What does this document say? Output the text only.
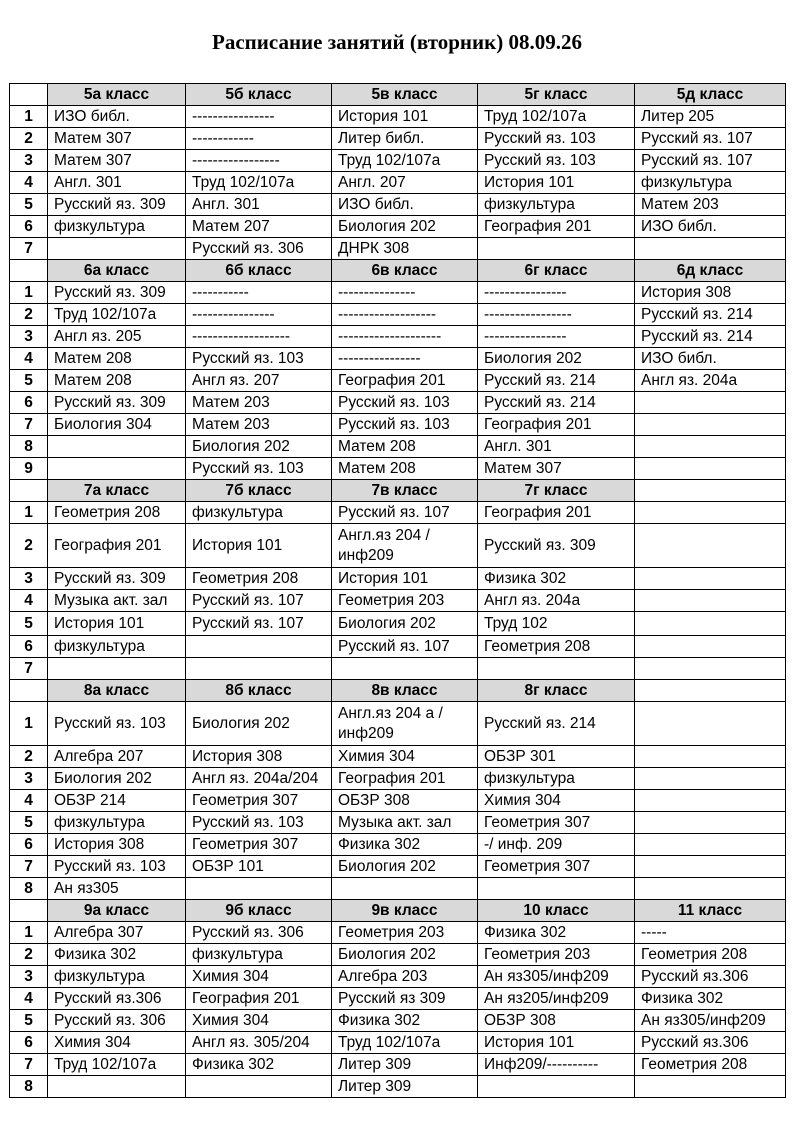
Расписание занятий (вторник) 08.09.26
	5а класс	5б класс	5в класс	5г класс	5д класс
1	ИЗО библ.	----------------	История 101	Труд 102/107а	Литер 205
2	Матем 307	------------	Литер библ.	Русский яз. 103	Русский яз. 107
3	Матем 307	-----------------	Труд 102/107а	Русский яз. 103	Русский яз. 107
4	Англ. 301	Труд 102/107а	Англ. 207	История 101	физкультура
5	Русский яз. 309	Англ. 301	ИЗО библ.	физкультура	Матем 203
6	физкультура	Матем 207	Биология 202	География 201	ИЗО библ.
7		Русский яз. 306	ДНРК 308		
	6а класс	6б класс	6в класс	6г класс	6д класс
1	Русский яз. 309	-----------	---------------	----------------	История 308
2	Труд 102/107а	----------------	-------------------	-----------------	Русский яз. 214
3	Англ яз. 205	-------------------	--------------------	----------------	Русский яз. 214
4	Матем 208	Русский яз. 103	----------------	Биология 202	ИЗО библ.
5	Матем 208	Англ яз. 207	География 201	Русский яз. 214	Англ яз. 204а
6	Русский яз. 309	Матем 203	Русский яз. 103	Русский яз. 214	
7	Биология 304	Матем 203	Русский яз. 103	География 201	
8		Биология 202	Матем 208	Англ. 301	
9		Русский яз. 103	Матем 208	Матем 307	
	7а класс	7б класс	7в класс	7г класс	
1	Геометрия 208	физкультура	Русский яз. 107	География 201	
2	География 201	История 101	Англ.яз 204 /инф209	Русский яз. 309	
3	Русский яз. 309	Геометрия 208	История 101	Физика 302	
4	Музыка акт. зал	Русский яз. 107	Геометрия 203	Англ яз. 204а	
5	История 101	Русский яз. 107	Биология 202	Труд 102	
6	физкультура		Русский яз. 107	Геометрия 208	
7					
	8а класс	8б класс	8в класс	8г класс	
1	Русский яз. 103	Биология 202	Англ.яз 204 а /инф209	Русский яз. 214	
2	Алгебра 207	История 308	Химия 304	ОБЗР 301	
3	Биология 202	Англ яз. 204а/204	География 201	физкультура	
4	ОБЗР 214	Геометрия 307	ОБЗР 308	Химия 304	
5	физкультура	Русский яз. 103	Музыка акт. зал	Геометрия 307	
6	История 308	Геометрия 307	Физика 302	-/ инф. 209	
7	Русский яз. 103	ОБЗР 101	Биология 202	Геометрия 307	
8	Ан яз305				
	9а класс	9б класс	9в класс	10 класс	11 класс
1	Алгебра 307	Русский яз. 306	Геометрия 203	Физика 302	-----
2	Физика 302	физкультура	Биология 202	Геометрия 203	Геометрия 208
3	физкультура	Химия 304	Алгебра 203	Ан яз305/инф209	Русский яз.306
4	Русский яз.306	География 201	Русский яз 309	Ан яз205/инф209	Физика 302
5	Русский яз. 306	Химия 304	Физика 302	ОБЗР 308	Ан яз305/инф209
6	Химия 304	Англ яз. 305/204	Труд 102/107а	История 101	Русский яз.306
7	Труд 102/107а	Физика 302	Литер 309	Инф209/----------	Геометрия 208
8			Литер 309		
